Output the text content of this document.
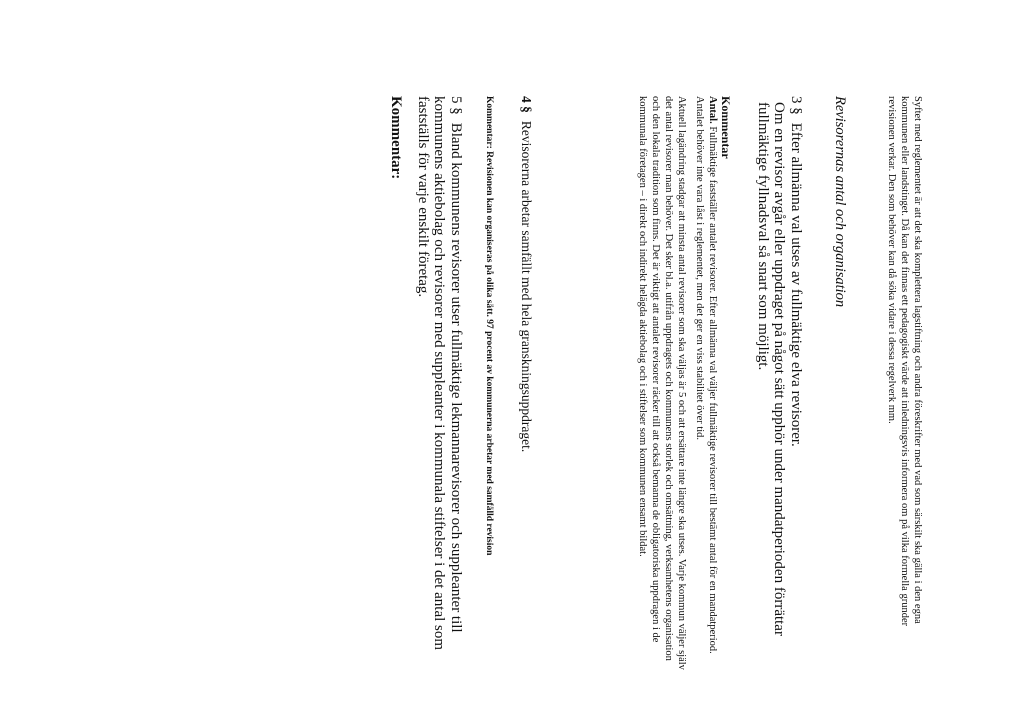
Syftet med reglementet är att det ska komplettera lagstiftning och andra föreskrifter med vad som särskilt ska gälla i den egna kommunen eller landstinget. Då kan det finnas ett pedagogiskt värde att inledningsvis informera om på vilka formella grunder revisionen verkar. Den som behöver kan då söka vidare i dessa regelverk mm.

Revisorernas antal och organisation

3 §Efter allmänna val utses av fullmäktige elva revisorer.

Om en revisor avgår eller uppdraget på något sätt upphör under mandatperioden förrättar fullmäktige fyllnadsval så snart som möjligt.

Kommentar

Antal. Fullmäktige fastställer antalet revisorer. Efter allmänna val väljer fullmäktige revisorer till bestämt antal för en mandatperiod. Antalet behöver inte vara låst i reglementet, men det ger en viss stabilitet över tid.

Aktuell lagändring stadgar att minsta antal revisorer som ska väljas är 5 och att ersättare inte längre ska utses. Varje kommun väljer själv det antal revisorer man behöver. Det sker bl.a. utifrån uppdragets och kommunens storlek och omsättning, verksamhetens organisation och den lokala tradition som finns. Det är viktigt att antalet revisorer räcker till att också bemanna de obligatoriska uppdragen i de kommunala företagen – i direkt och indirekt helägda aktiebolag och i stiftelser som kommunen ensamt bildat.

4 §Revisorerna arbetar samfällt med hela granskningsuppdraget.

Kommentar: Revisionen kan organiseras på olika sätt. 97 procent av kommunerna arbetar med samfälld revision

5 §Bland kommunens revisorer utser fullmäktige lekmannarevisorer och suppleanter till kommunens aktiebolag och revisorer med suppleanter i kommunala stiftelser i det antal som fastställs för varje enskilt företag.

Kommentar:
